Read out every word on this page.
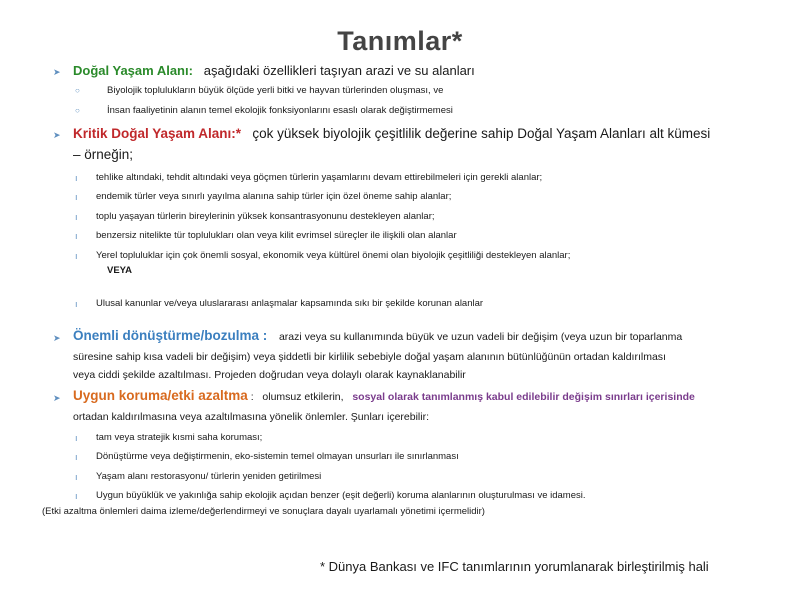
Tanımlar*
➤ Doğal Yaşam Alanı: aşağıdaki özellikleri taşıyan arazi ve su alanları
○	Biyolojik toplulukların büyük ölçüde yerli bitki ve hayvan türlerinden oluşması, ve
○	İnsan faaliyetinin alanın temel ekolojik fonksiyonlarını esaslı olarak değiştirmemesi
➤ Kritik Doğal Yaşam Alanı:* çok yüksek biyolojik çeşitlilik değerine sahip Doğal Yaşam Alanları alt kümesi
– örneğin;
ı tehlike altındaki, tehdit altındaki veya göçmen türlerin yaşamlarını devam ettirebilmeleri için gerekli alanlar;
ı endemik türler veya sınırlı yayılma alanına sahip türler için özel öneme sahip alanlar;
ı toplu yaşayan türlerin bireylerinin yüksek konsantrasyonunu destekleyen alanlar;
ı benzersiz nitelikte tür toplulukları olan veya kilit evrimsel süreçler ile ilişkili olan alanlar
ı Yerel topluluklar için çok önemli sosyal, ekonomik veya kültürel önemi olan biyolojik çeşitliliği destekleyen alanlar;
VEYA
ı Ulusal kanunlar ve/veya uluslararası anlaşmalar kapsamında sıkı bir şekilde korunan alanlar
➤ Önemli dönüştürme/bozulma : arazi veya su kullanımında büyük ve uzun vadeli bir değişim (veya uzun bir toparlanma
süresine sahip kısa vadeli bir değişim) veya şiddetli bir kirlilik sebebiyle doğal yaşam alanının bütünlüğünün ortadan kaldırılması
veya ciddi şekilde azaltılması. Projeden doğrudan veya dolaylı olarak kaynaklanabilir
➤ Uygun koruma/etki azaltma : olumsuz etkilerin, sosyal olarak tanımlanmış kabul edilebilir değişim sınırları içerisinde
ortadan kaldırılmasına veya azaltılmasına yönelik önlemler. Şunları içerebilir:
ı tam veya stratejik kısmi saha koruması;
ı Dönüştürme veya değiştirmenin, eko-sistemin temel olmayan unsurları ile sınırlanması
ı Yaşam alanı restorasyonu/ türlerin yeniden getirilmesi
ı Uygun büyüklük ve yakınlığa sahip ekolojik açıdan benzer (eşit değerli) koruma alanlarının oluşturulması ve idamesi.
(Etki azaltma önlemleri daima izleme/değerlendirmeyi ve sonuçlara dayalı uyarlamalı yönetimi içermelidir)
* Dünya Bankası ve IFC tanımlarının yorumlanarak birleştirilmiş hali
